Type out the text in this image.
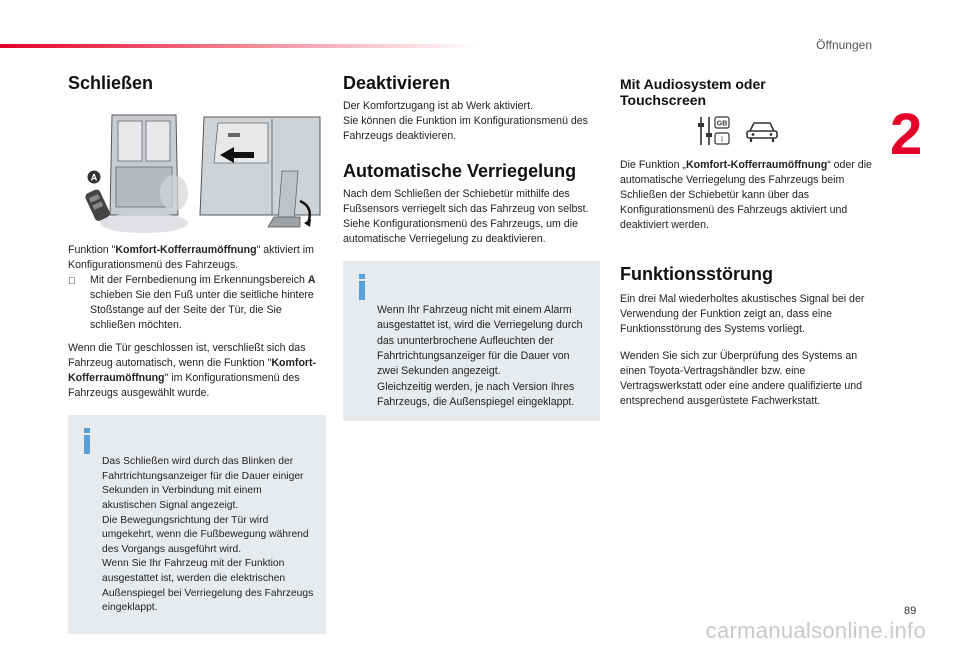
Öffnungen
2
Schließen
A

Funktion "Komfort-Kofferraumöffnung" aktiviert im Konfigurationsmenü des Fahrzeugs.

Mit der Fernbedienung im Erkennungsbereich A schieben Sie den Fuß unter die seitliche hintere Stoßstange auf der Seite der Tür, die Sie schließen möchten.

Wenn die Tür geschlossen ist, verschließt sich das Fahrzeug automatisch, wenn die Funktion "Komfort-Kofferraumöffnung" im Konfigurationsmenü des Fahrzeugs ausgewählt wurde.

Das Schließen wird durch das Blinken der Fahrtrichtungsanzeiger für die Dauer einiger Sekunden in Verbindung mit einem akustischen Signal angezeigt.
Die Bewegungsrichtung der Tür wird umgekehrt, wenn die Fußbewegung während des Vorgangs ausgeführt wird.
Wenn Sie Ihr Fahrzeug mit der Funktion ausgestattet ist, werden die elektrischen Außenspiegel bei Verriegelung des Fahrzeugs eingeklappt.

Deaktivieren

Der Komfortzugang ist ab Werk aktiviert.
Sie können die Funktion im Konfigurationsmenü des Fahrzeugs deaktivieren.

Automatische Verriegelung

Nach dem Schließen der Schiebetür mithilfe des Fußsensors verriegelt sich das Fahrzeug von selbst.
Siehe Konfigurationsmenü des Fahrzeugs, um die automatische Verriegelung zu deaktivieren.

Wenn Ihr Fahrzeug nicht mit einem Alarm ausgestattet ist, wird die Verriegelung durch das ununterbrochene Aufleuchten der Fahrtrichtungsanzeiger für die Dauer von zwei Sekunden angezeigt.
Gleichzeitig werden, je nach Version Ihres Fahrzeugs, die Außenspiegel eingeklappt.

Mit Audiosystem oder Touchscreen
GB
i

Die Funktion „Komfort-Kofferraumöffnung“ oder die automatische Verriegelung des Fahrzeugs beim Schließen der Schiebetür kann über das Konfigurationsmenü des Fahrzeugs aktiviert und deaktiviert werden.

Funktionsstörung

Ein drei Mal wiederholtes akustisches Signal bei der Verwendung der Funktion zeigt an, dass eine Funktionsstörung des Systems vorliegt.

Wenden Sie sich zur Überprüfung des Systems an einen Toyota-Vertragshändler bzw. eine Vertragswerkstatt oder eine andere qualifizierte und entsprechend ausgerüstete Fachwerkstatt.

89
carmanualsonline.info
